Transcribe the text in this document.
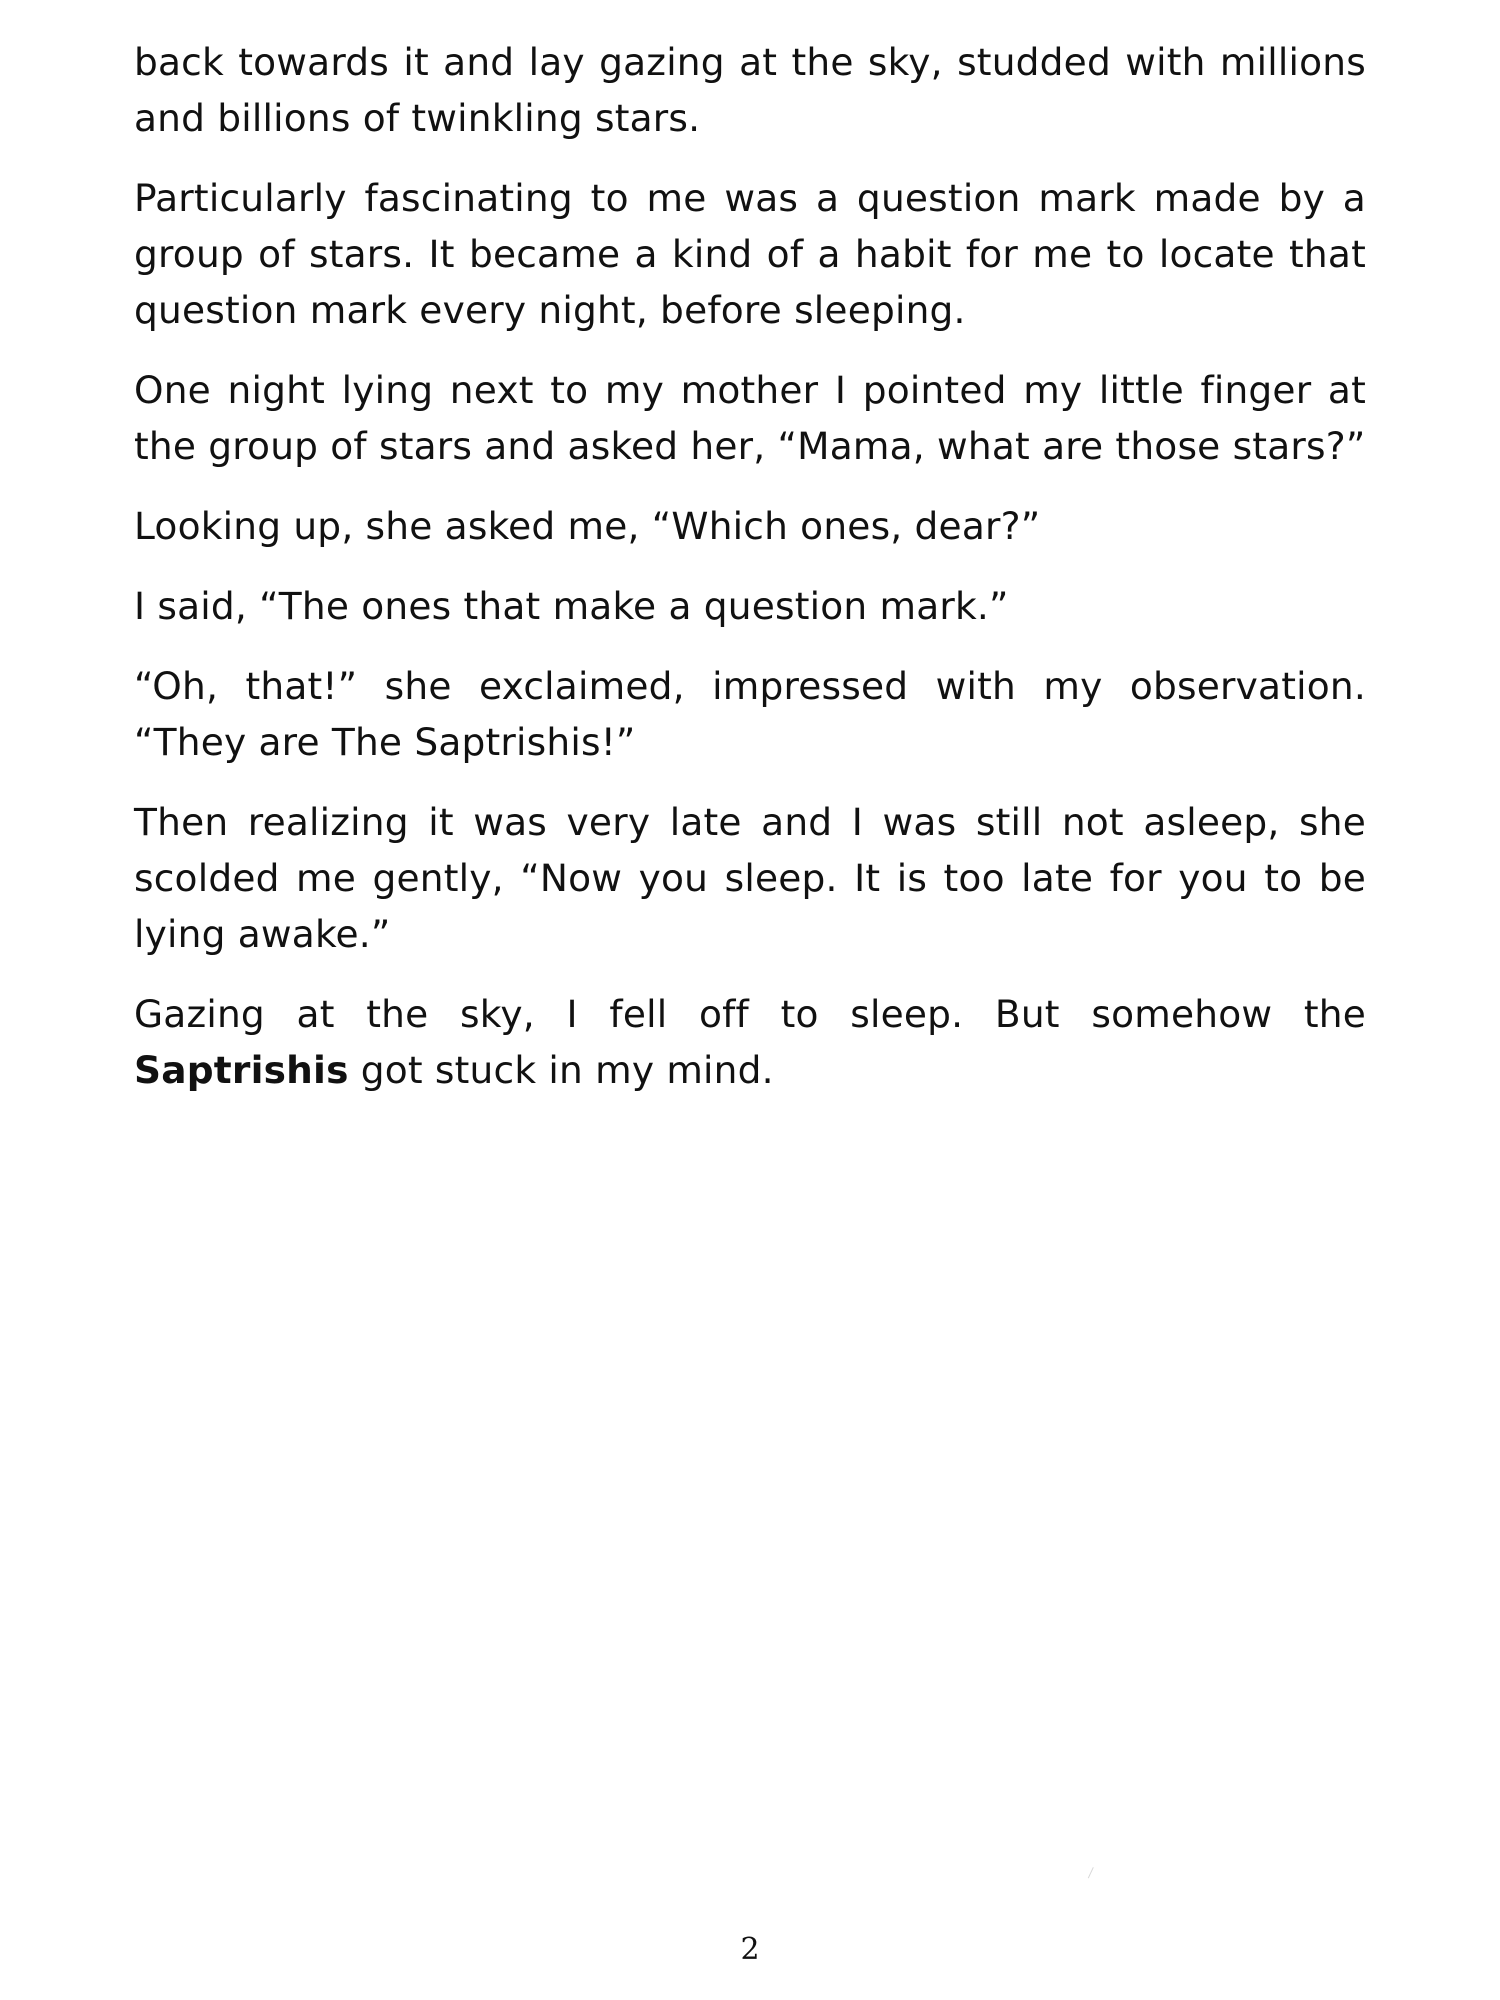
back towards it and lay gazing at the sky, studded with millions and billions of twinkling stars.

Particularly fascinating to me was a question mark made by a group of stars. It became a kind of a habit for me to locate that question mark every night, before sleeping.

One night lying next to my mother I pointed my little finger at the group of stars and asked her, “Mama, what are those stars?”

Looking up, she asked me, “Which ones, dear?”

I said, “The ones that make a question mark.”

“Oh, that!” she exclaimed, impressed with my observation. “They are The Saptrishis!”

Then realizing it was very late and I was still not asleep, she scolded me gently, “Now you sleep. It is too late for you to be lying awake.”

Gazing at the sky, I fell off to sleep. But somehow the Saptrishis got stuck in my mind.

2
